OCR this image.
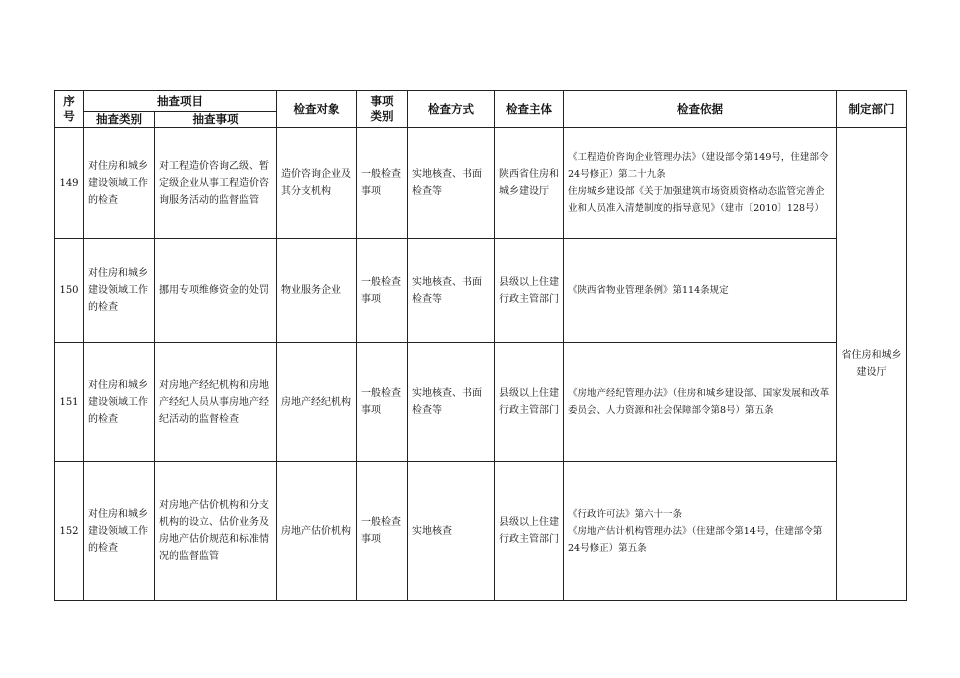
序号	抽查项目		检查对象	事项类别	检查方式	检查主体	检查依据	制定部门
	抽查类别	抽查事项						
149	对住房和城乡建设领域工作的检查	对工程造价咨询乙级、暂定级企业从事工程造价咨询服务活动的监督监管	造价咨询企业及其分支机构	一般检查事项	实地核查、书面检查等	陕西省住房和城乡建设厅	《工程造价咨询企业管理办法》（建设部令第149号，住建部令24号修正）第二十九条
住房城乡建设部《关于加强建筑市场资质资格动态监管完善企业和人员准入清楚制度的指导意见》（建市〔2010〕128号）	省住房和城乡建设厅
150	对住房和城乡建设领域工作的检查	挪用专项维修资金的处罚	物业服务企业	一般检查事项	实地核查、书面检查等	县级以上住建行政主管部门	《陕西省物业管理条例》第114条规定	
151	对住房和城乡建设领域工作的检查	对房地产经纪机构和房地产经纪人员从事房地产经纪活动的监督检查	房地产经纪机构	一般检查事项	实地核查、书面检查等	县级以上住建行政主管部门	《房地产经纪管理办法》（住房和城乡建设部、国家发展和改革委员会、人力资源和社会保障部令第8号）第五条	
152	对住房和城乡建设领域工作的检查	对房地产估价机构和分支机构的设立、估价业务及房地产估价规范和标准情况的监督监管	房地产估价机构	一般检查事项	实地核查	县级以上住建行政主管部门	《行政许可法》第六十一条
《房地产估计机构管理办法》（住建部令第14号，住建部令第24号修正）第五条	
